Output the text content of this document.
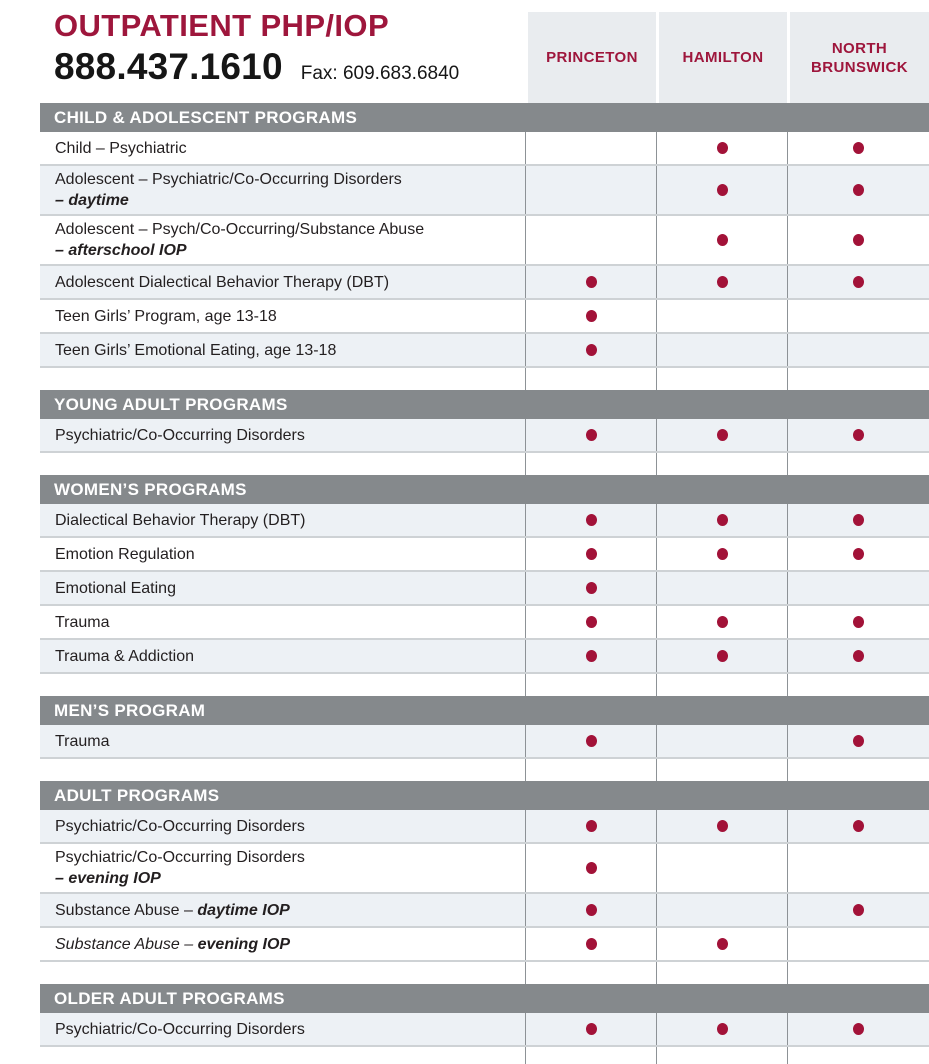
OUTPATIENT PHP/IOP
888.437.1610 Fax: 609.683.6840
PRINCETON	HAMILTON
NORTH BRUNSWICK
CHILD & ADOLESCENT PROGRAMS
Child – Psychiatric
Adolescent – Psychiatric/Co-Occurring Disorders
– daytime
Adolescent – Psych/Co-Occurring/Substance Abuse
– afterschool IOP
Adolescent Dialectical Behavior Therapy (DBT)
Teen Girls’ Program, age 13-18
Teen Girls’ Emotional Eating, age 13-18
YOUNG ADULT PROGRAMS
Psychiatric/Co-Occurring Disorders
WOMEN’S PROGRAMS
Dialectical Behavior Therapy (DBT)
Emotion Regulation
Emotional Eating
Trauma
Trauma & Addiction
MEN’S PROGRAM
Trauma
ADULT PROGRAMS
Psychiatric/Co-Occurring Disorders
Psychiatric/Co-Occurring Disorders
– evening IOP
Substance Abuse – daytime IOP
Substance Abuse – evening IOP
OLDER ADULT PROGRAMS
Psychiatric/Co-Occurring Disorders
